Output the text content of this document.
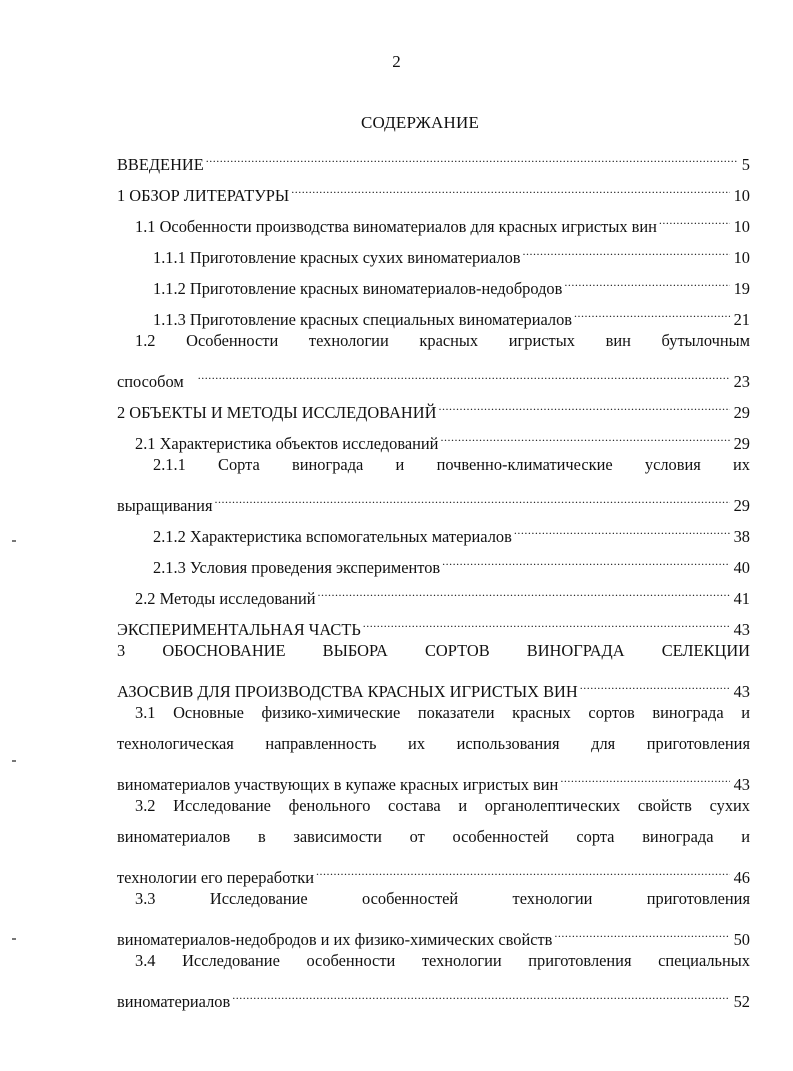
2
СОДЕРЖАНИЕ
ВВЕДЕНИЕ .....	5
1 ОБЗОР ЛИТЕРАТУРЫ .....	10
1.1 Особенности производства виноматериалов для красных игристых вин .....	10
1.1.1 Приготовление красных сухих виноматериалов .....	10
1.1.2 Приготовление красных виноматериалов-недобродов .....	19
1.1.3 Приготовление красных специальных виноматериалов .....	21
1.2 Особенности технологии красных игристых вин бутылочным
способом .....	23
2 ОБЪЕКТЫ И МЕТОДЫ ИССЛЕДОВАНИЙ .....	29
2.1 Характеристика объектов исследований .....	29
2.1.1 Сорта винограда и почвенно-климатические условия их
выращивания .....	29
2.1.2 Характеристика вспомогательных материалов .....	38
2.1.3 Условия проведения экспериментов .....	40
2.2 Методы исследований .....	41
ЭКСПЕРИМЕНТАЛЬНАЯ ЧАСТЬ .....	43
3 ОБОСНОВАНИЕ ВЫБОРА СОРТОВ ВИНОГРАДА СЕЛЕКЦИИ
АЗОСВИВ ДЛЯ ПРОИЗВОДСТВА КРАСНЫХ ИГРИСТЫХ ВИН .....	43
3.1 Основные физико-химические показатели красных сортов винограда и
технологическая направленность их использования для приготовления
виноматериалов участвующих в купаже красных игристых вин .....	43
3.2 Исследование фенольного состава и органолептических свойств сухих
виноматериалов в зависимости от особенностей сорта винограда и
технологии его переработки .....	46
3.3 Исследование особенностей технологии приготовления
виноматериалов-недобродов и их физико-химических свойств .....	50
3.4 Исследование особенности технологии приготовления специальных
виноматериалов .....	52
